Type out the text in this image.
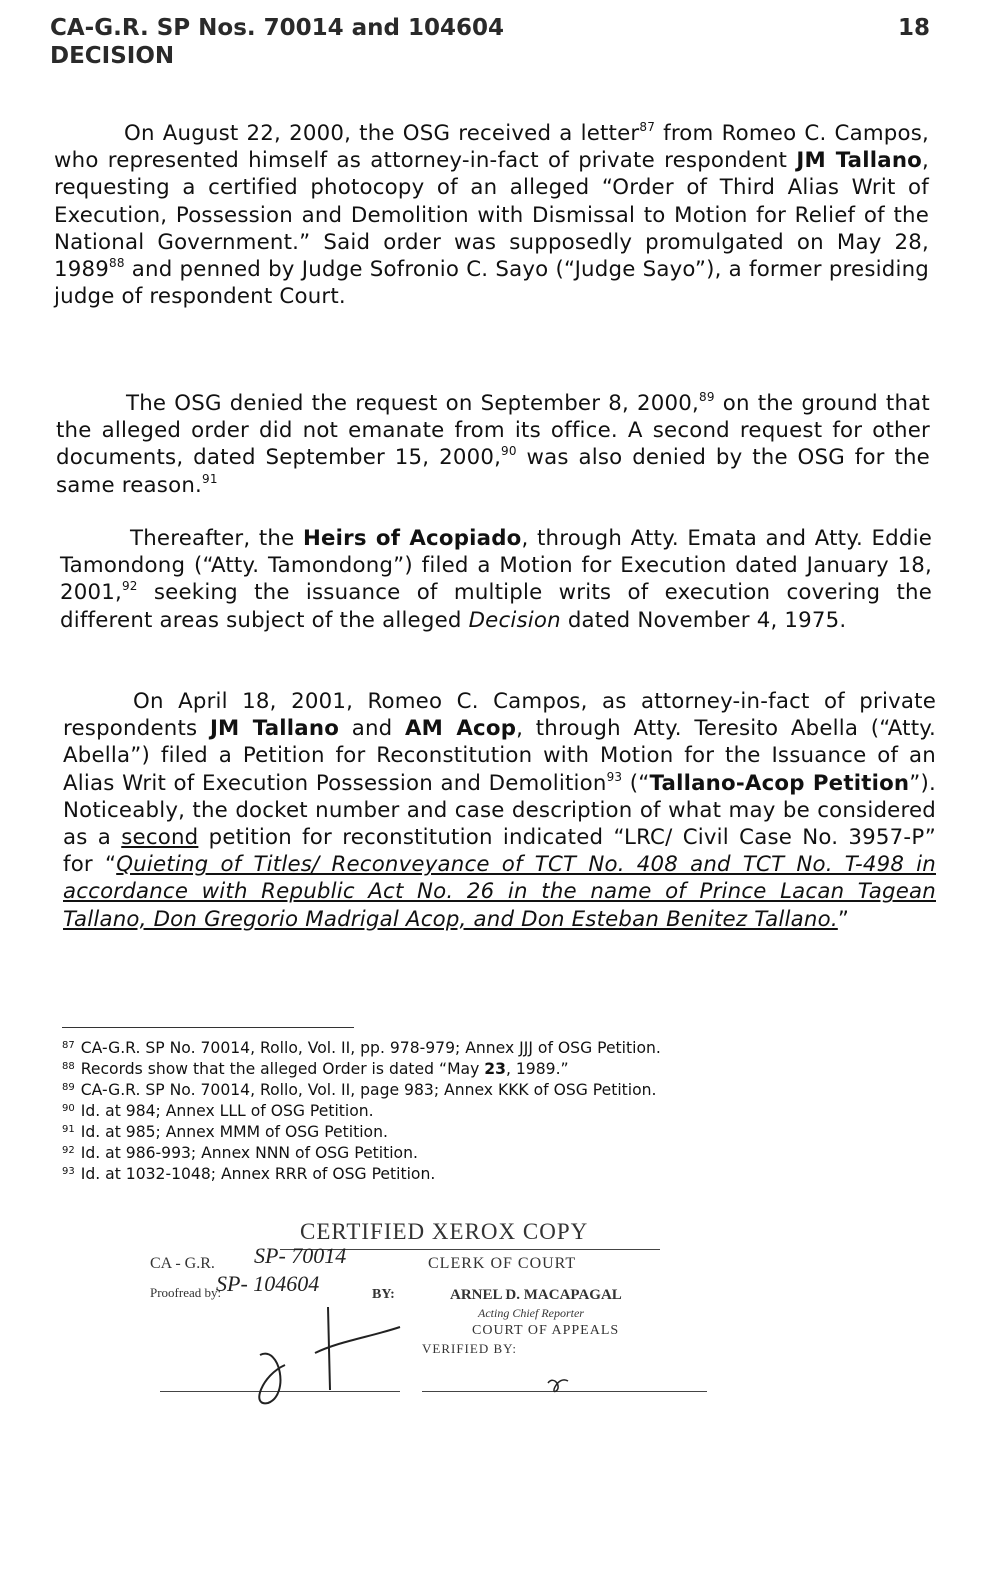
CA-G.R. SP Nos. 70014 and 104604
DECISION
18

On August 22, 2000, the OSG received a letter$^{87}$ from Romeo C. Campos, who represented himself as attorney-in-fact of private respondent JM Tallano, requesting a certified photocopy of an alleged “Order of Third Alias Writ of Execution, Possession and Demolition with Dismissal to Motion for Relief of the National Government.” Said order was supposedly promulgated on May 28, 1989$^{88}$ and penned by Judge Sofronio C. Sayo (“Judge Sayo”), a former presiding judge of respondent Court.

The OSG denied the request on September 8, 2000,89 on the ground that the alleged order did not emanate from its office. A second request for other documents, dated September 15, 2000,90 was also denied by the OSG for the same reason.$^{91}$

Thereafter, the Heirs of Acopiado, through Atty. Emata and Atty. Eddie Tamondong (“Atty. Tamondong”) filed a Motion for Execution dated January 18, 2001,92 seeking the issuance of multiple writs of execution covering the different areas subject of the alleged Decision dated November 4, 1975.

On April 18, 2001, Romeo C. Campos, as attorney-in-fact of private respondents JM Tallano and AM Acop, through Atty. Teresito Abella (“Atty. Abella”) filed a Petition for Reconstitution with Motion for the Issuance of an Alias Writ of Execution Possession and Demolition$^{93}$ (“Tallano-Acop Petition”). Noticeably, the docket number and case description of what may be considered as a second petition for reconstitution indicated “LRC/ Civil Case No. 3957-P” for “Quieting of Titles/ Reconveyance of TCT No. 408 and TCT No. T-498 in accordance with Republic Act No. 26 in the name of Prince Lacan Tagean Tallano, Don Gregorio Madrigal Acop, and Don Esteban Benitez Tallano.”

$^{87}$ CA-G.R. SP No. 70014, Rollo, Vol. II, pp. 978-979; Annex JJJ of OSG Petition.
$^{88}$ Records show that the alleged Order is dated “May 23, 1989.”
$^{89}$ CA-G.R. SP No. 70014, Rollo, Vol. II, page 983; Annex KKK of OSG Petition.
$^{90}$ Id. at 984; Annex LLL of OSG Petition.
$^{91}$ Id. at 985; Annex MMM of OSG Petition.
$^{92}$ Id. at 986-993; Annex NNN of OSG Petition.
$^{93}$ Id. at 1032-1048; Annex RRR of OSG Petition.
CERTIFIED XEROX COPY
CA - G.R.	CLERK OF COURT
Proofread by:	BY:	ARNEL D. MACAPAGAL
Acting Chief Reporter
COURT OF APPEALS
VERIFIED BY:
SP- 70014
SP- 104604
